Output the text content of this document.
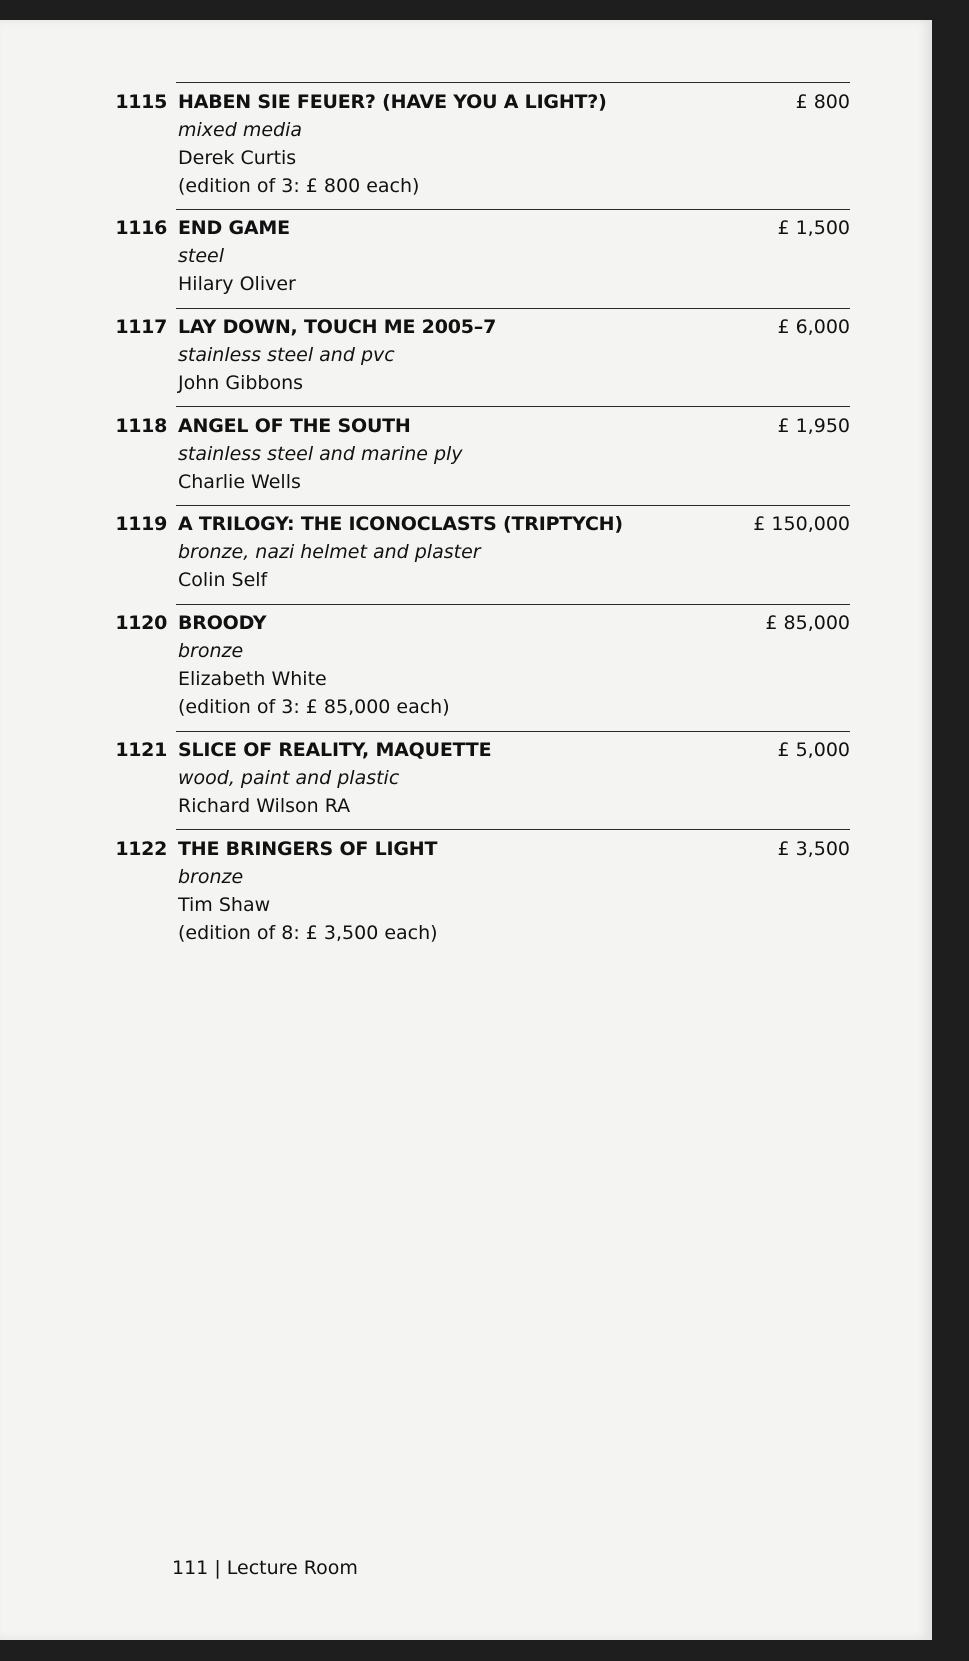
1115 HABEN SIE FEUER? (HAVE YOU A LIGHT?)	£ 800
mixed media
Derek Curtis
(edition of 3: £ 800 each)
1116 END GAME	£ 1,500
steel
Hilary Oliver
1117 LAY DOWN, TOUCH ME 2005–7	£ 6,000
stainless steel and pvc
John Gibbons
1118 ANGEL OF THE SOUTH	£ 1,950
stainless steel and marine ply
Charlie Wells
1119 A TRILOGY: THE ICONOCLASTS (TRIPTYCH)	£ 150,000
bronze, nazi helmet and plaster
Colin Self
1120 BROODY	£ 85,000
bronze
Elizabeth White
(edition of 3: £ 85,000 each)
1121 SLICE OF REALITY, MAQUETTE	£ 5,000
wood, paint and plastic
Richard Wilson RA
1122 THE BRINGERS OF LIGHT	£ 3,500
bronze
Tim Shaw
(edition of 8: £ 3,500 each)
111 | Lecture Room
